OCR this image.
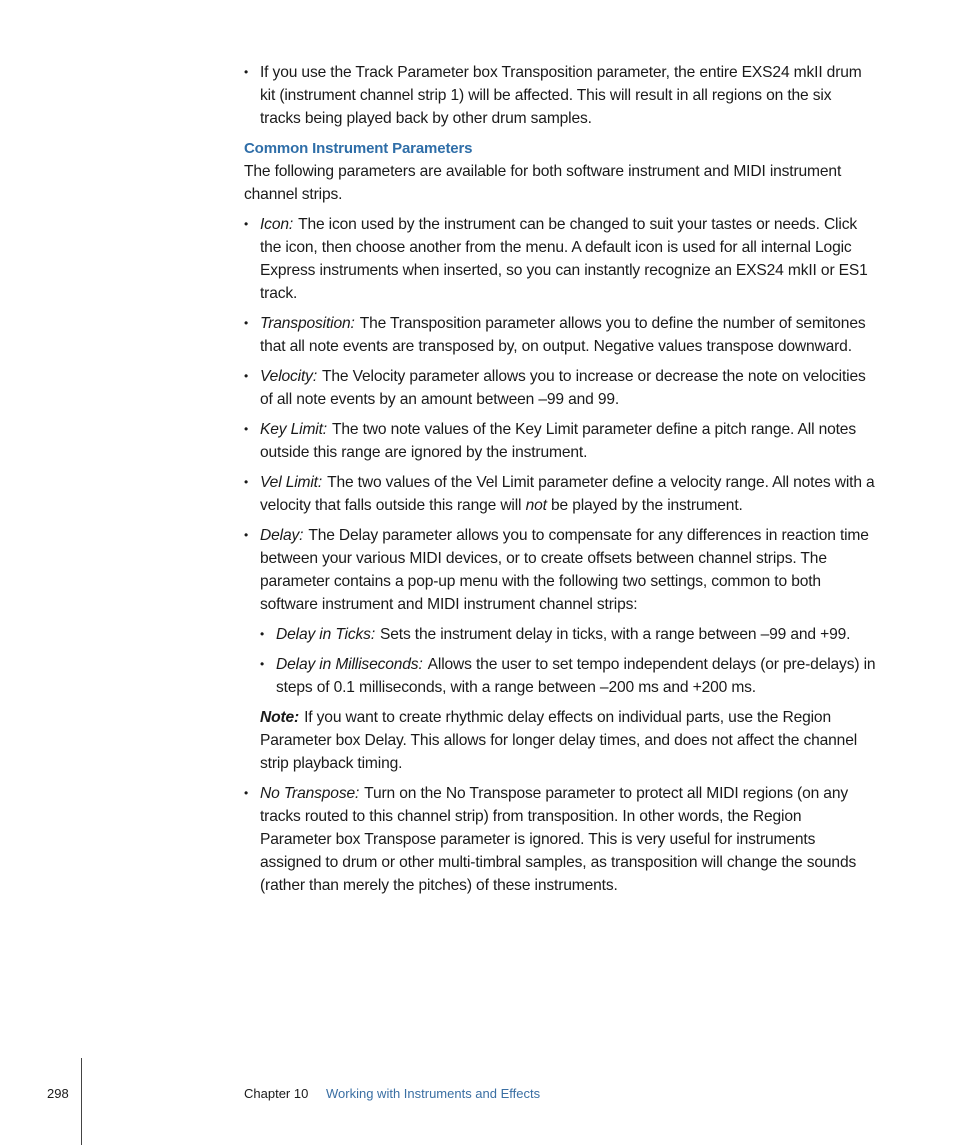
• If you use the Track Parameter box Transposition parameter, the entire EXS24 mkII drum kit (instrument channel strip 1) will be affected. This will result in all regions on the six tracks being played back by other drum samples.

Common Instrument Parameters

The following parameters are available for both software instrument and MIDI instrument channel strips.

• Icon: The icon used by the instrument can be changed to suit your tastes or needs. Click the icon, then choose another from the menu. A default icon is used for all internal Logic Express instruments when inserted, so you can instantly recognize an EXS24 mkII or ES1 track.

• Transposition: The Transposition parameter allows you to define the number of semitones that all note events are transposed by, on output. Negative values transpose downward.

• Velocity: The Velocity parameter allows you to increase or decrease the note on velocities of all note events by an amount between –99 and 99.

• Key Limit: The two note values of the Key Limit parameter define a pitch range. All notes outside this range are ignored by the instrument.

• Vel Limit: The two values of the Vel Limit parameter define a velocity range. All notes with a velocity that falls outside this range will not be played by the instrument.

• Delay: The Delay parameter allows you to compensate for any differences in reaction time between your various MIDI devices, or to create offsets between channel strips. The parameter contains a pop-up menu with the following two settings, common to both software instrument and MIDI instrument channel strips:

• Delay in Ticks: Sets the instrument delay in ticks, with a range between –99 and +99.

• Delay in Milliseconds: Allows the user to set tempo independent delays (or pre-delays) in steps of 0.1 milliseconds, with a range between –200 ms and +200 ms.

Note: If you want to create rhythmic delay effects on individual parts, use the Region Parameter box Delay. This allows for longer delay times, and does not affect the channel strip playback timing.

• No Transpose: Turn on the No Transpose parameter to protect all MIDI regions (on any tracks routed to this channel strip) from transposition. In other words, the Region Parameter box Transpose parameter is ignored. This is very useful for instruments assigned to drum or other multi-timbral samples, as transposition will change the sounds (rather than merely the pitches) of these instruments.

298	Chapter 10 Working with Instruments and Effects
